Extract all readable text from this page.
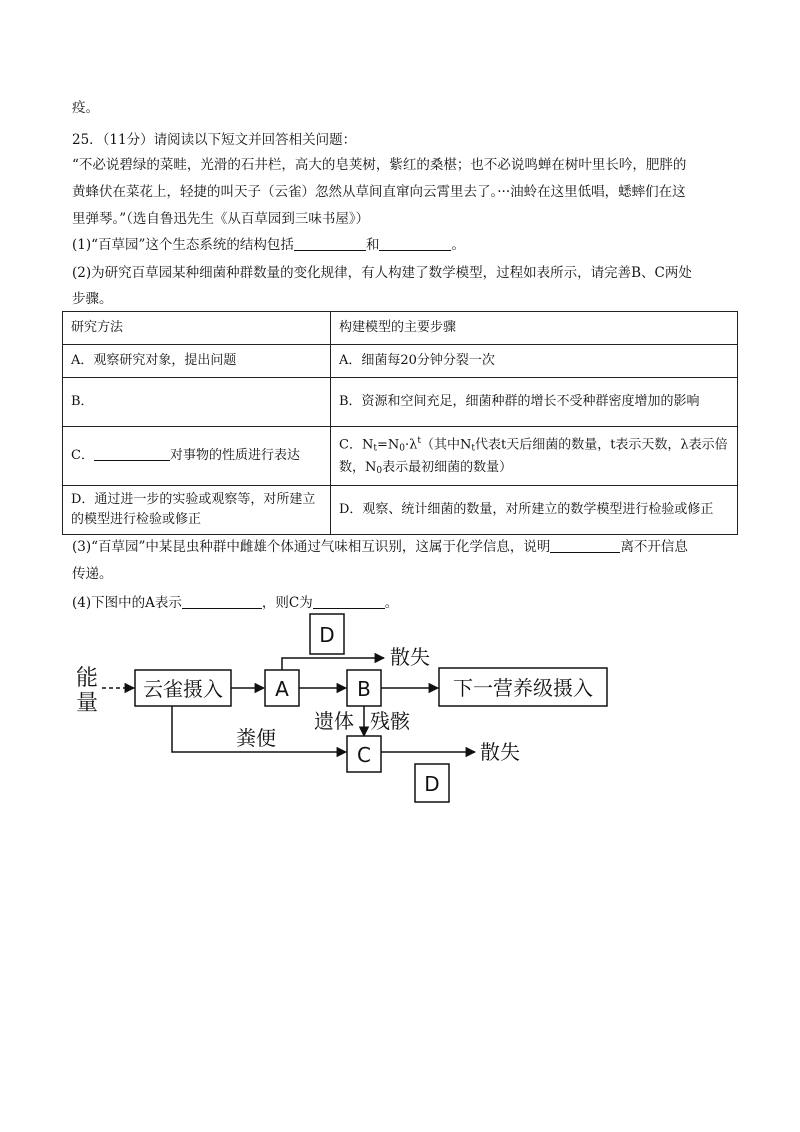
疫。
25．（11分）请阅读以下短文并回答相关问题：
“不必说碧绿的菜畦，光滑的石井栏，高大的皂荚树，紫红的桑椹；也不必说鸣蝉在树叶里长吟，肥胖的
黄蜂伏在菜花上，轻捷的叫天子（云雀）忽然从草间直窜向云霄里去了。···油蛉在这里低唱，蟋蟀们在这
里弹琴。”（选自鲁迅先生《从百草园到三味书屋》）
(1)“百草园”这个生态系统的结构包括	和	。
(2)为研究百草园某种细菌种群数量的变化规律，有人构建了数学模型，过程如表所示，请完善B、C两处
步骤。
研究方法	构建模型的主要步骤
A．观察研究对象，提出问题	A．细菌每20分钟分裂一次
B．	B．资源和空间充足，细菌种群的增长不受种群密度增加的影响
C． 对事物的性质进行表达	C．$N_t=N_0\cdot\lambda^t$（其中$N_t$代表t天后细菌的数量，t表示天数，λ表示倍数，$N_0$表示最初细菌的数量）
D．通过进一步的实验或观察等，对所建立的模型进行检验或修正	D．观察、统计细菌的数量，对所建立的数学模型进行检验或修正
(3)“百草园”中某昆虫种群中雌雄个体通过气味相互识别，这属于化学信息，说明	离不开信息
传递。
(4)下图中的A表示	，则C为	。
能
量
云雀摄入	A
D
散失
B	下一营养级摄入
遗体 残骸
粪便
C	散失
D
